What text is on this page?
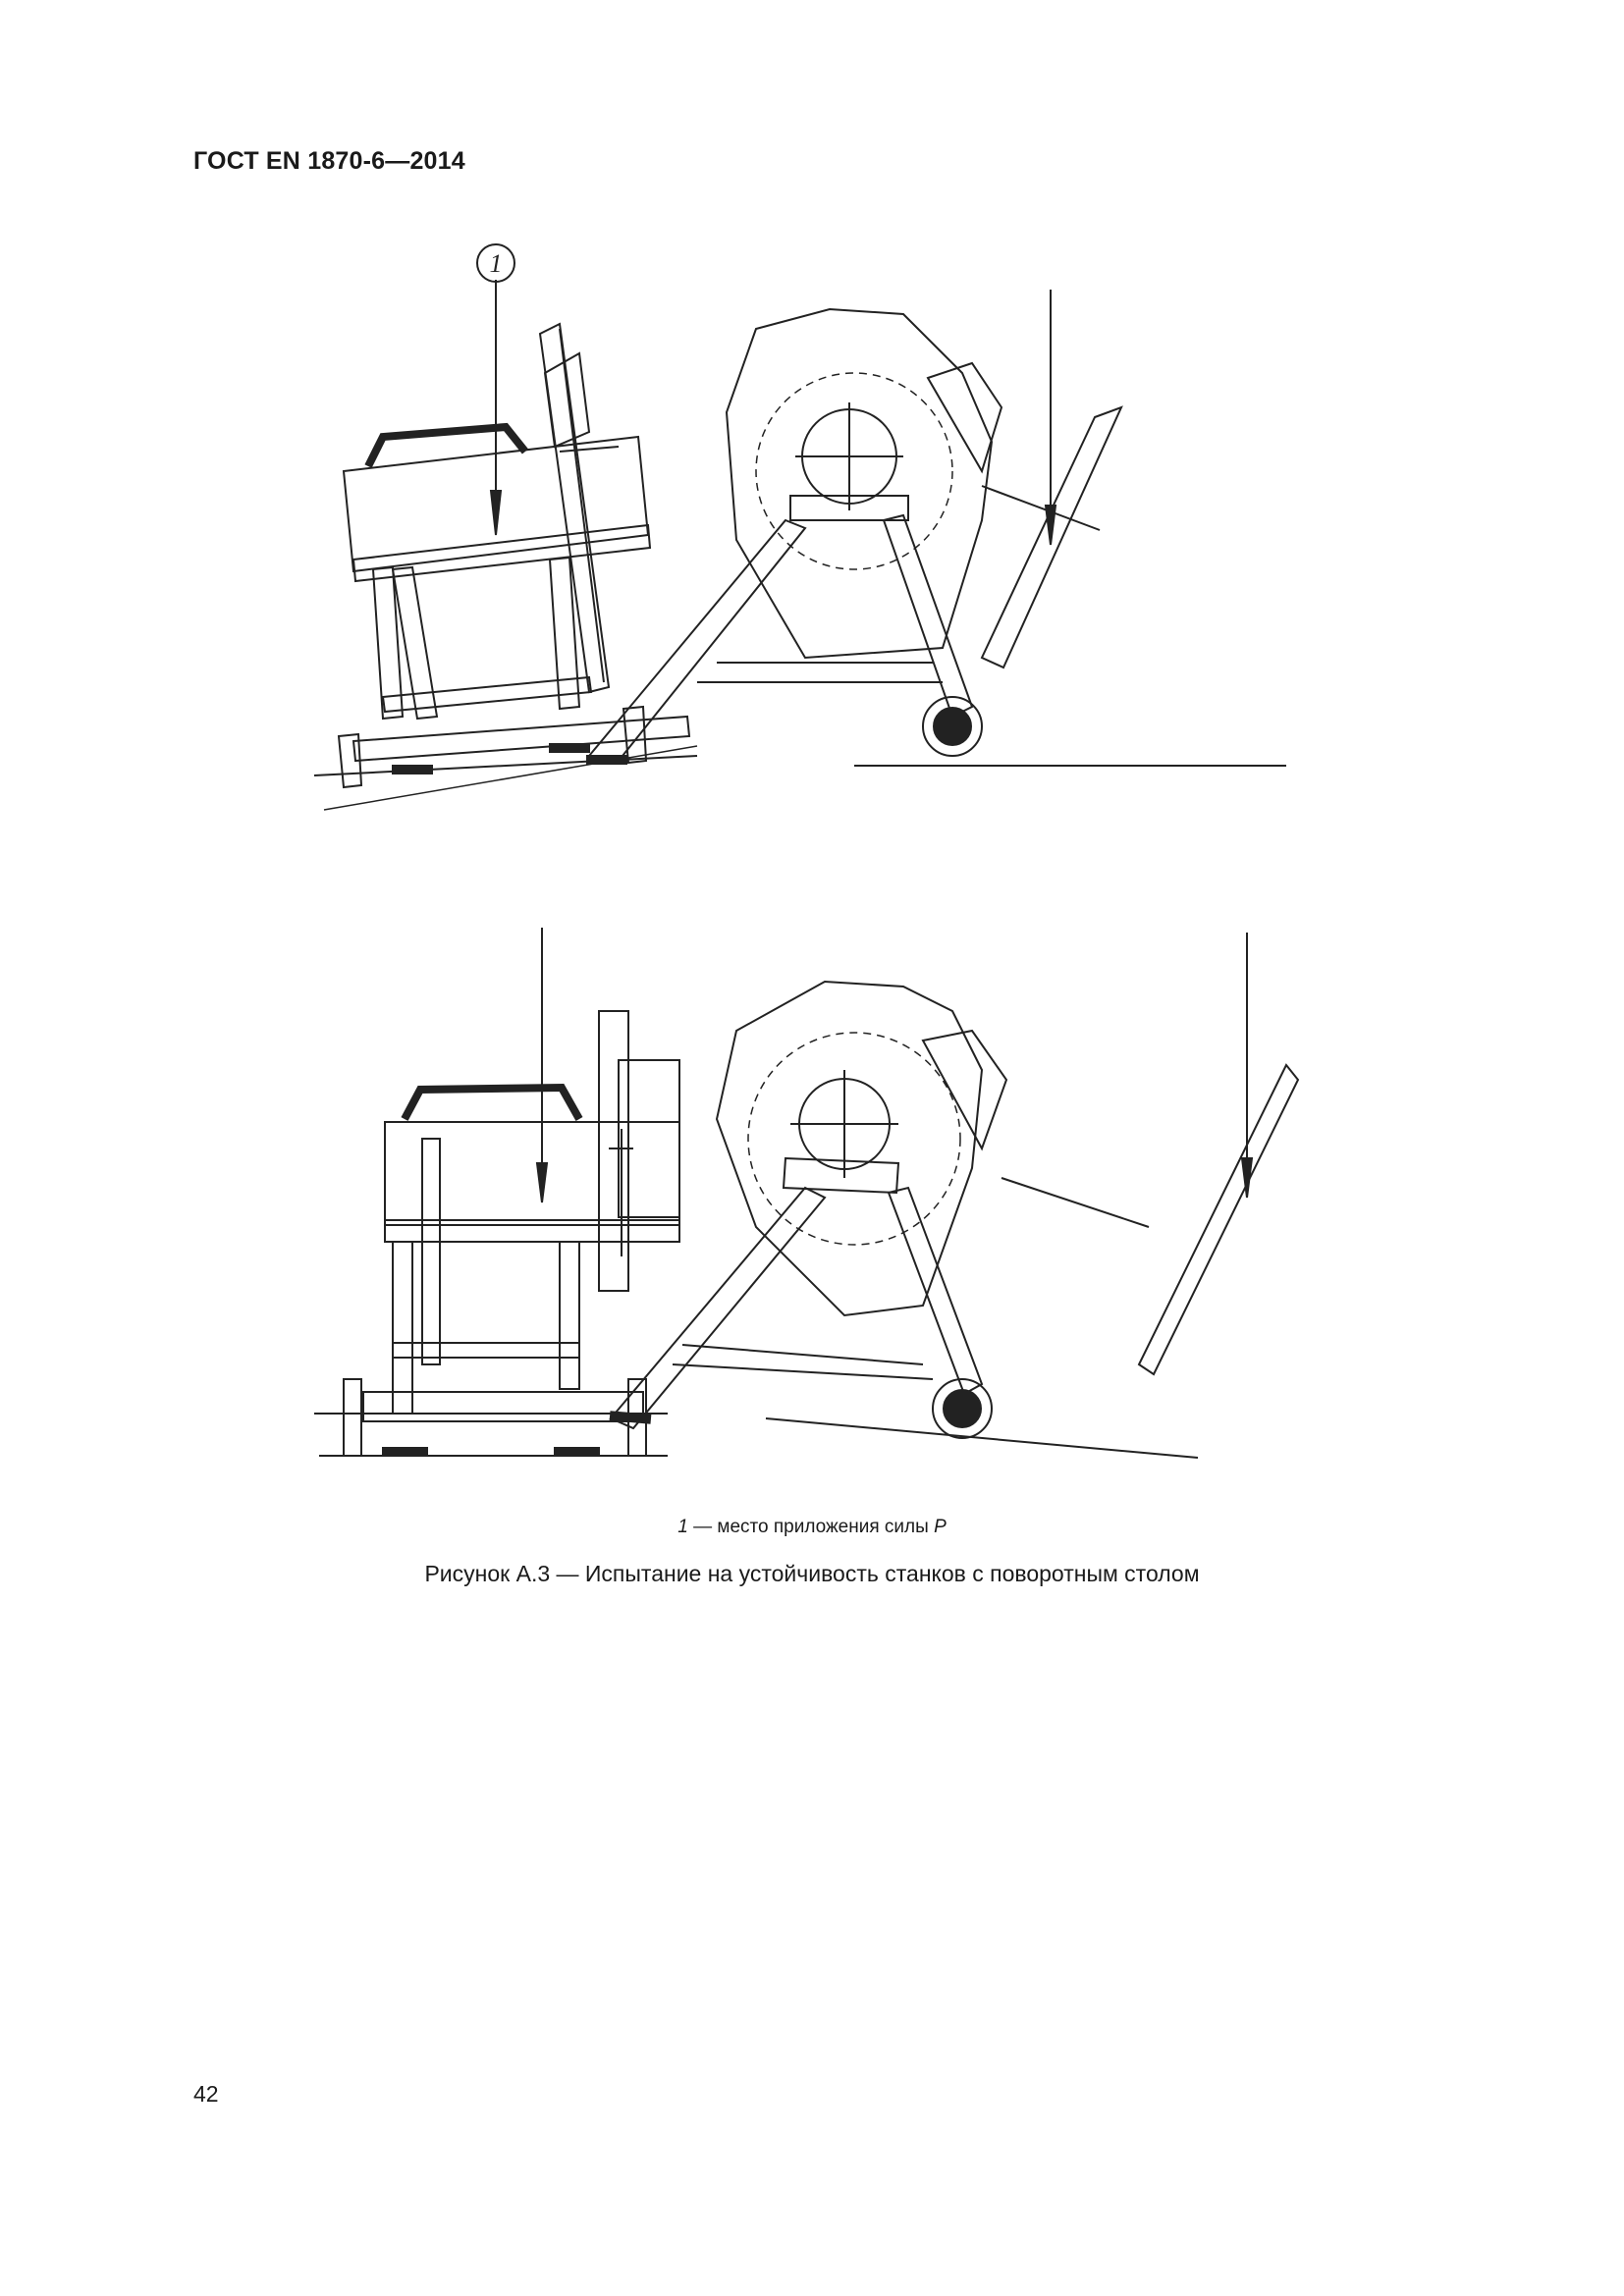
ГОСТ EN 1870-6—2014
1
1 — место приложения силы P
Рисунок А.3 — Испытание на устойчивость станков с поворотным столом
42
